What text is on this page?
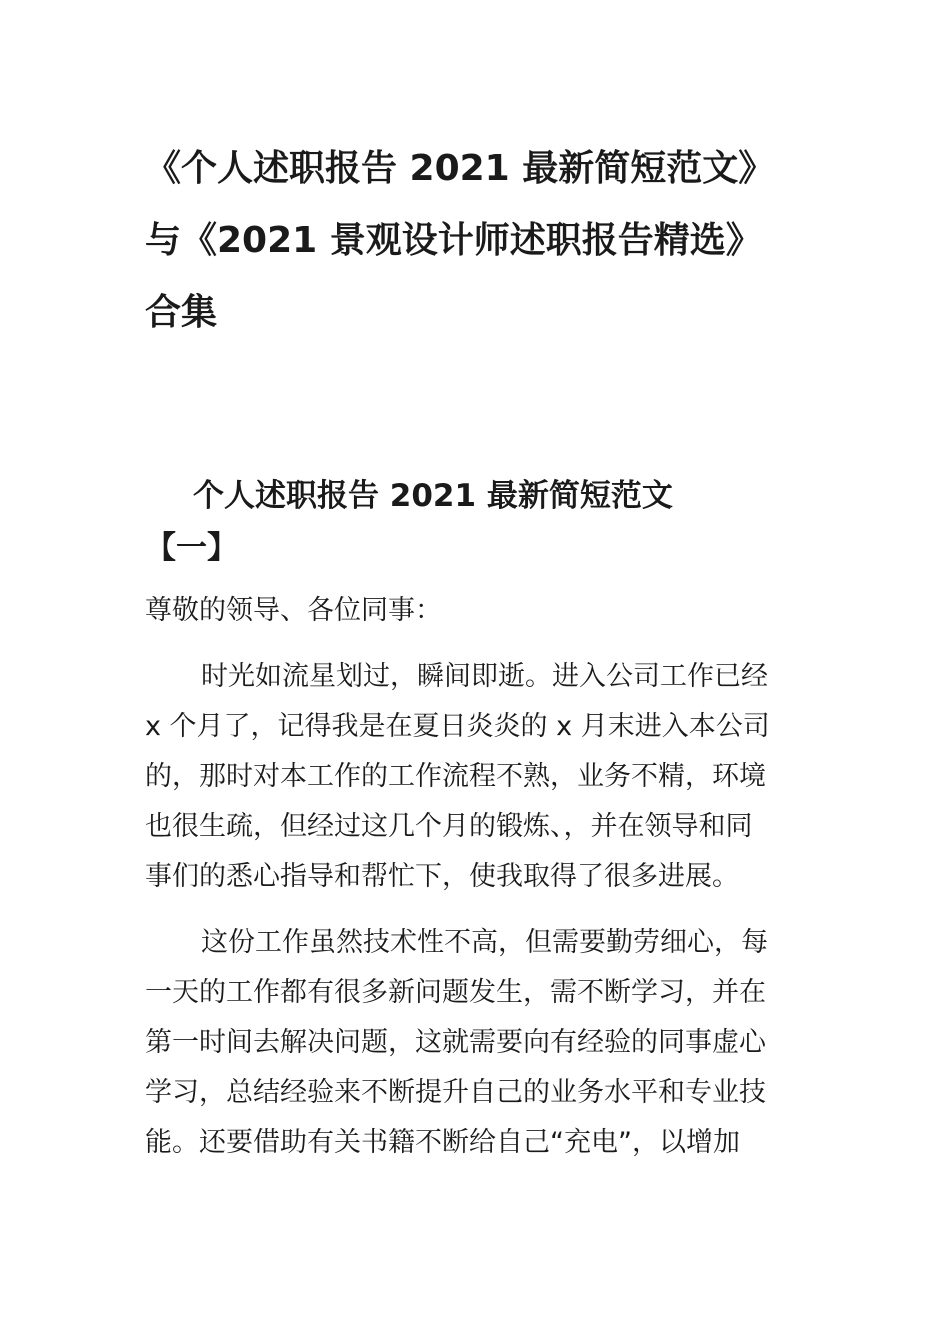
《个人述职报告 2021 最新简短范文》
与《2021 景观设计师述职报告精选》
合集
个人述职报告 2021 最新简短范文
【一】

尊敬的领导、各位同事：

时光如流星划过，瞬间即逝。进入公司工作已经
x 个月了，记得我是在夏日炎炎的 x 月末进入本公司
的，那时对本工作的工作流程不熟，业务不精，环境
也很生疏，但经过这几个月的锻炼、，并在领导和同
事们的悉心指导和帮忙下，使我取得了很多进展。

这份工作虽然技术性不高，但需要勤劳细心，每
一天的工作都有很多新问题发生，需不断学习，并在
第一时间去解决问题，这就需要向有经验的同事虚心
学习，总结经验来不断提升自己的业务水平和专业技
能。还要借助有关书籍不断给自己“充电”，以增加
